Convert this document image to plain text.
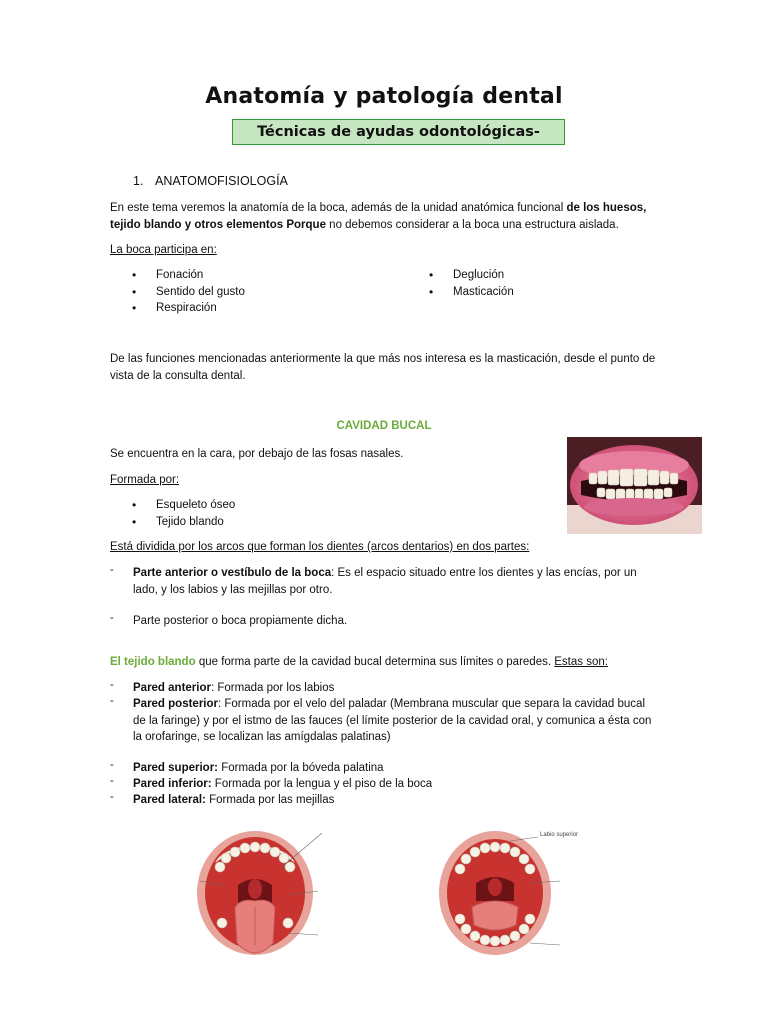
Anatomía y patología dental
Técnicas de ayudas odontológicas-
1. ANATOMOFISIOLOGÍA
En este tema veremos la anatomía de la boca, además de la unidad anatómica funcional de los huesos, tejido blando y otros elementos Porque no debemos considerar a la boca una estructura aislada.
La boca participa en:
• Fonación
• Sentido del gusto
• Respiración
• Deglución
• Masticación
De las funciones mencionadas anteriormente la que más nos interesa es la masticación, desde el punto de vista de la consulta dental.
CAVIDAD BUCAL
Se encuentra en la cara, por debajo de las fosas nasales.
Formada por:
• Esqueleto óseo
• Tejido blando
Está dividida por los arcos que forman los dientes (arcos dentarios) en dos partes:
- Parte anterior o vestíbulo de la boca: Es el espacio situado entre los dientes y las encías, por un lado, y los labios y las mejillas por otro.
- Parte posterior o boca propiamente dicha.
El tejido blando que forma parte de la cavidad bucal determina sus límites o paredes. Estas son:
- Pared anterior: Formada por los labios
- Pared posterior: Formada por el velo del paladar (Membrana muscular que separa la cavidad bucal de la faringe) y por el istmo de las fauces (el límite posterior de la cavidad oral, y comunica a ésta con la orofaringe, se localizan las amígdalas palatinas)
- Pared superior: Formada por la bóveda palatina
- Pared inferior: Formada por la lengua y el piso de la boca
- Pared lateral: Formada por las mejillas
Labio superior
